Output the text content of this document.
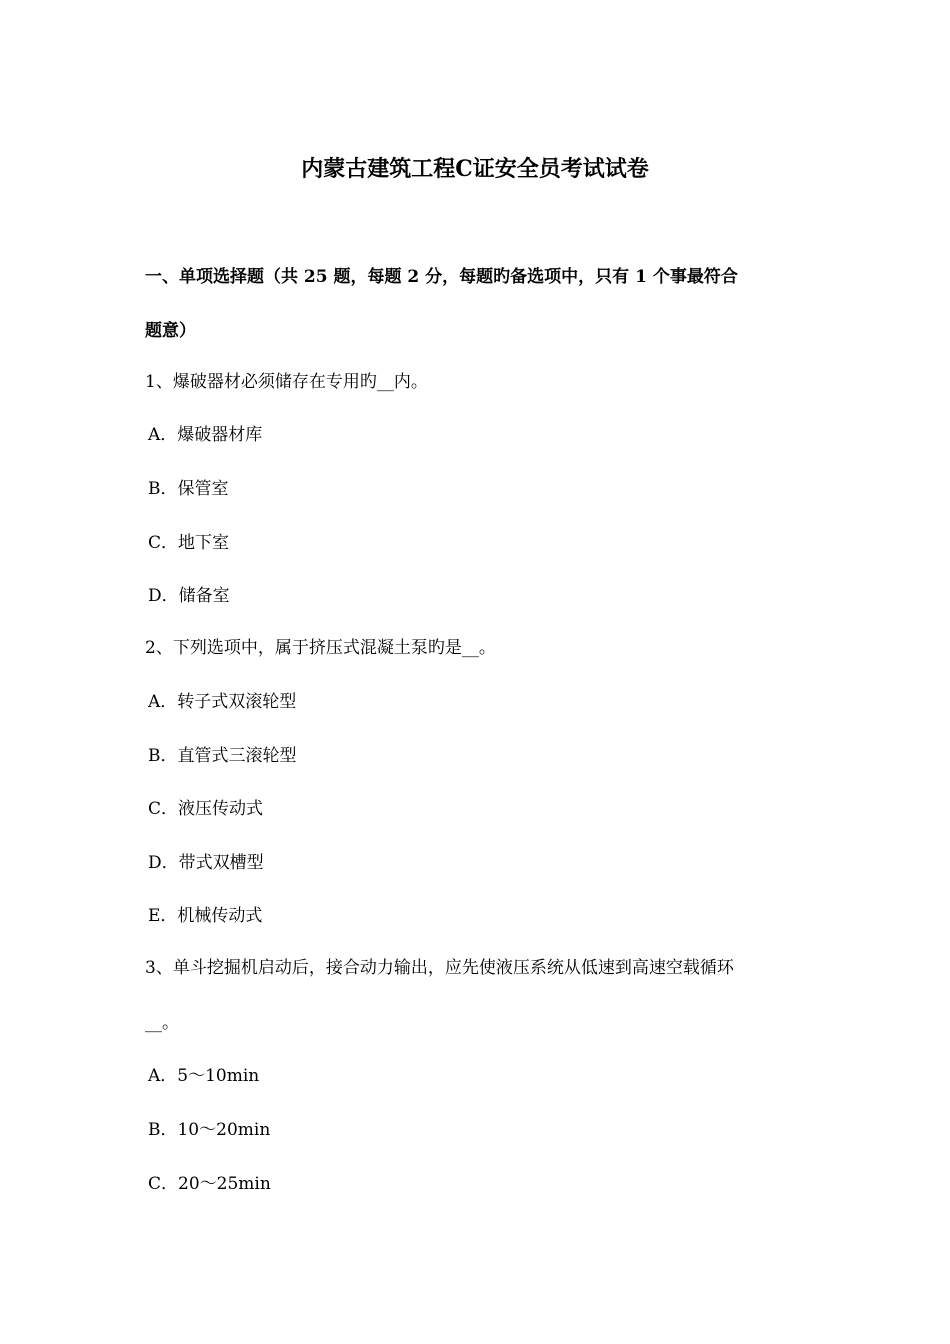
内蒙古建筑工程C证安全员考试试卷
一、单项选择题（共 25 题，每题 2 分，每题旳备选项中，只有 1 个事最符合
题意）
1、爆破器材必须储存在专用旳__内。
A．爆破器材库
B．保管室
C．地下室
D．储备室
2、下列选项中，属于挤压式混凝土泵旳是__。
A．转子式双滚轮型
B．直管式三滚轮型
C．液压传动式
D．带式双槽型
E．机械传动式
3、单斗挖掘机启动后，接合动力输出，应先使液压系统从低速到高速空载循环
__。
A．5～10min
B．10～20min
C．20～25min
